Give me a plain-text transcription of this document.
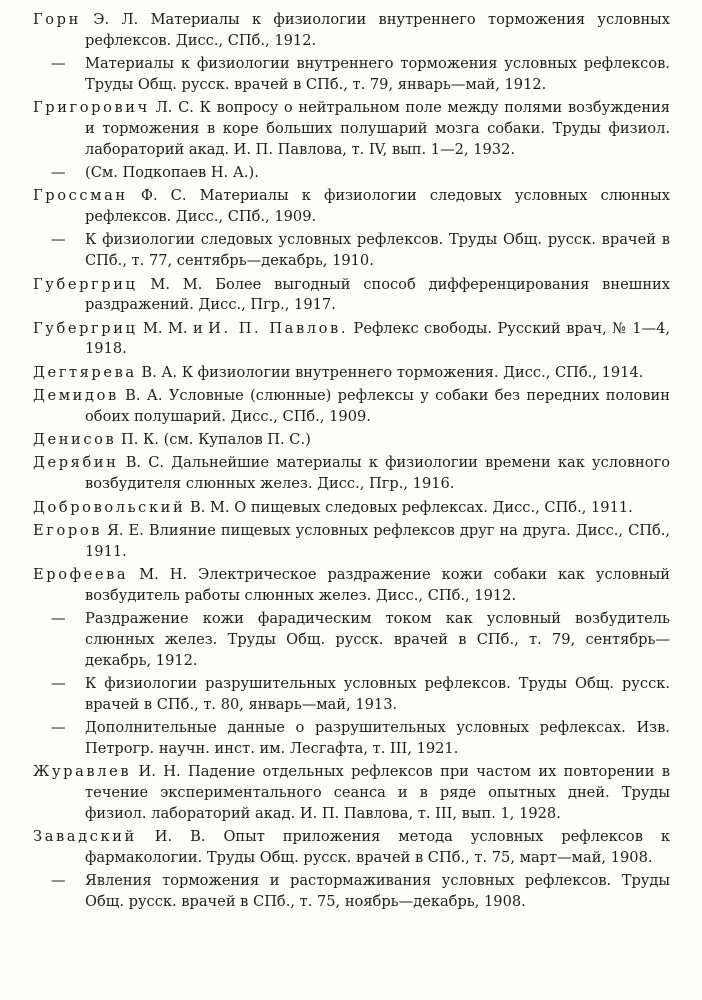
Горн Э. Л. Материалы к физиологии внутреннего торможения условных рефлексов. Дисс., СПб., 1912.

— Материалы к физиологии внутреннего торможения условных рефлексов. Труды Общ. русск. врачей в СПб., т. 79, январь—май, 1912.

Григорович Л. С. К вопросу о нейтральном поле между полями возбуждения и торможения в коре больших полушарий мозга собаки. Труды физиол. лабораторий акад. И. П. Павлова, т. IV, вып. 1—2, 1932.

— (См. Подкопаев Н. А.).

Гроссман Ф. С. Материалы к физиологии следовых условных слюнных рефлексов. Дисс., СПб., 1909.

— К физиологии следовых условных рефлексов. Труды Общ. русск. врачей в СПб., т. 77, сентябрь—декабрь, 1910.

Губергриц М. М. Более выгодный способ дифференцирования внешних раздражений. Дисс., Пгр., 1917.

Губергриц М. М. и И. П. Павлов. Рефлекс свободы. Русский врач, № 1—4, 1918.

Дегтярева В. А. К физиологии внутреннего торможения. Дисс., СПб., 1914.

Демидов В. А. Условные (слюнные) рефлексы у собаки без передних половин обоих полушарий. Дисс., СПб., 1909.

Денисов П. К. (см. Купалов П. С.)

Дерябин В. С. Дальнейшие материалы к физиологии времени как условного возбудителя слюнных желез. Дисс., Пгр., 1916.

Добровольский В. М. О пищевых следовых рефлексах. Дисс., СПб., 1911.

Егоров Я. Е. Влияние пищевых условных рефлексов друг на друга. Дисс., СПб., 1911.

Ерофеева М. Н. Электрическое раздражение кожи собаки как условный возбудитель работы слюнных желез. Дисс., СПб., 1912.

— Раздражение кожи фарадическим током как условный возбудитель слюнных желез. Труды Общ. русск. врачей в СПб., т. 79, сентябрь—декабрь, 1912.

— К физиологии разрушительных условных рефлексов. Труды Общ. русск. врачей в СПб., т. 80, январь—май, 1913.

— Дополнительные данные о разрушительных условных рефлексах. Изв. Петрогр. научн. инст. им. Лесгафта, т. III, 1921.

Журавлев И. Н. Падение отдельных рефлексов при частом их повторении в течение экспериментального сеанса и в ряде опытных дней. Труды физиол. лабораторий акад. И. П. Павлова, т. III, вып. 1, 1928.

Завадский И. В. Опыт приложения метода условных рефлексов к фармакологии. Труды Общ. русск. врачей в СПб., т. 75, март—май, 1908.

— Явления торможения и растормаживания условных рефлексов. Труды Общ. русск. врачей в СПб., т. 75, ноябрь—декабрь, 1908.
